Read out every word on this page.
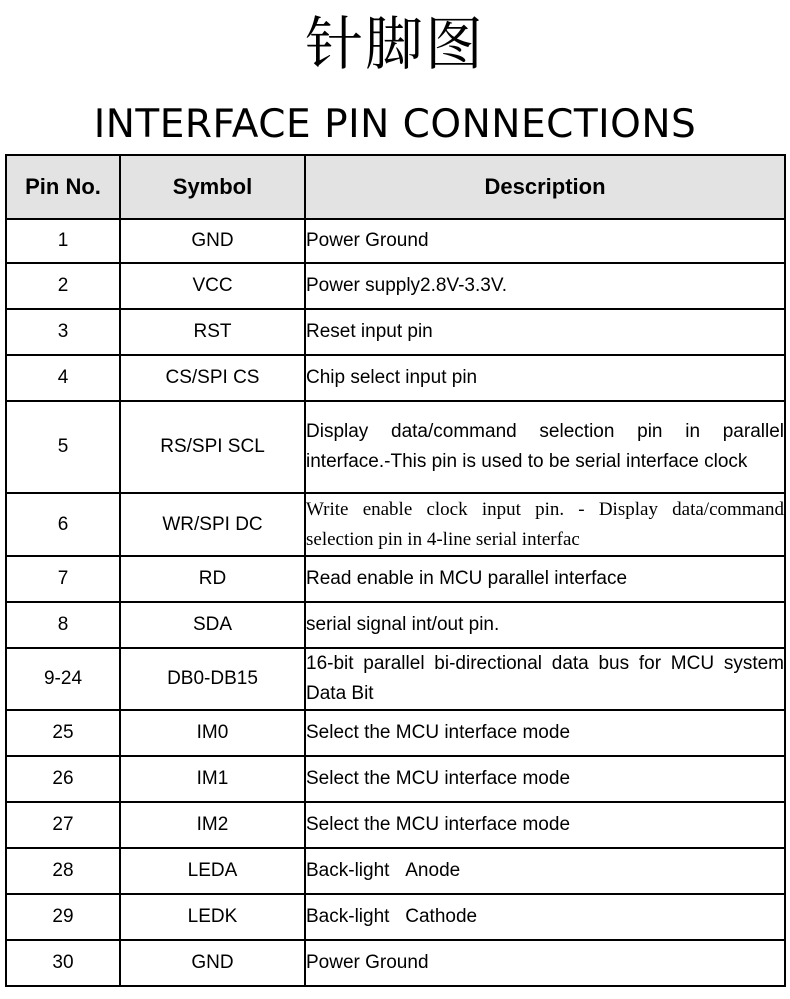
针脚图
INTERFACE PIN CONNECTIONS
Pin No.	Symbol	Description
1	GND	Power Ground
2	VCC	Power supply2.8V-3.3V.
3	RST	Reset input pin
4	CS/SPI CS	Chip select input pin
5	RS/SPI SCL	Display data/command selection pin in parallel interface.-This pin is used to be serial interface clock
6	WR/SPI DC	Write enable clock input pin. - Display data/command selection pin in 4-line serial interfac
7	RD	Read enable in MCU parallel interface
8	SDA	serial signal int/out pin.
9-24	DB0-DB15	16-bit parallel bi-directional data bus for MCU system Data Bit
25	IM0	Select the MCU interface mode
26	IM1	Select the MCU interface mode
27	IM2	Select the MCU interface mode
28	LEDA	Back-light   Anode
29	LEDK	Back-light   Cathode
30	GND	Power Ground
